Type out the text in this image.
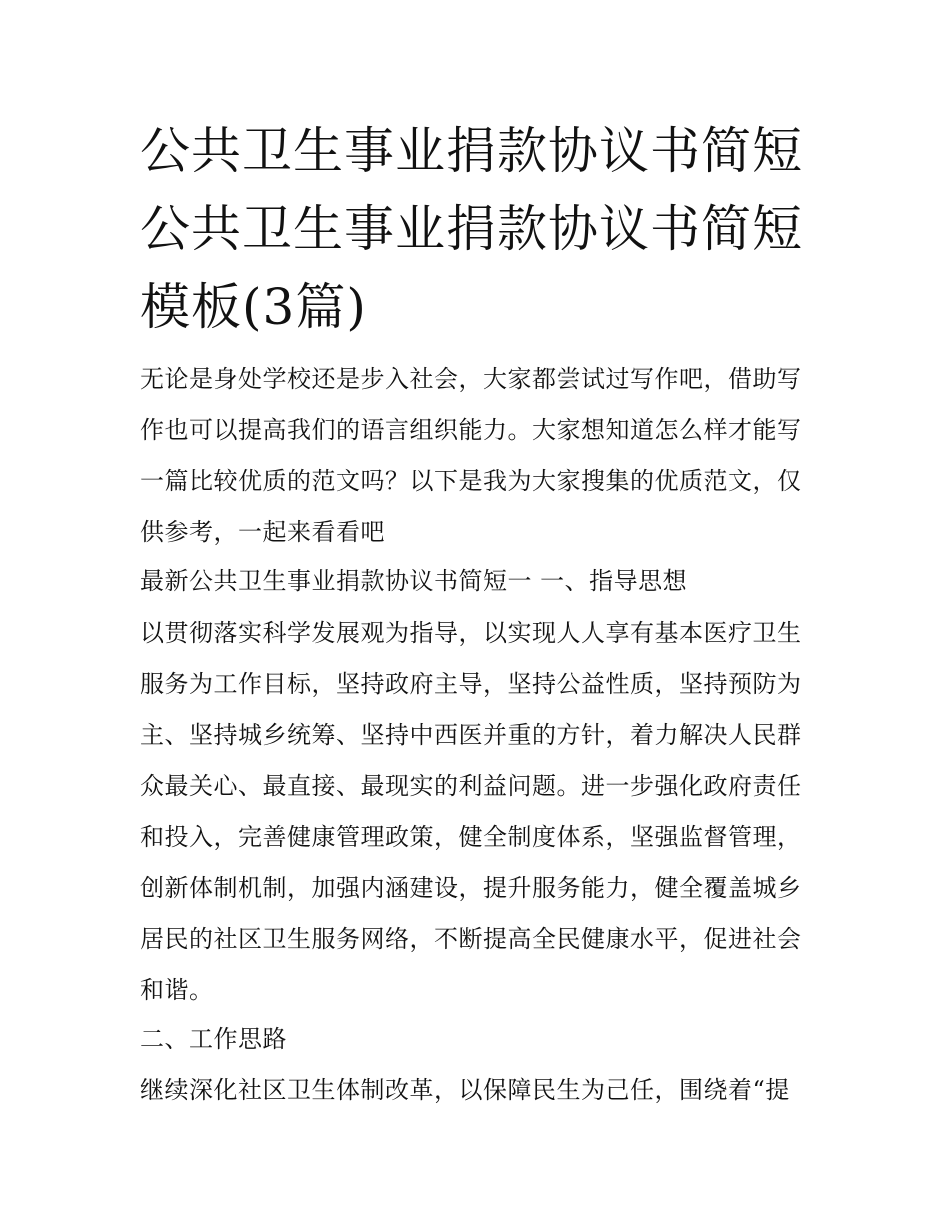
公共卫生事业捐款协议书简短 公共卫生事业捐款协议书简短模板(3篇)

无论是身处学校还是步入社会，大家都尝试过写作吧，借助写作也可以提高我们的语言组织能力。大家想知道怎么样才能写一篇比较优质的范文吗？以下是我为大家搜集的优质范文，仅供参考，一起来看看吧

最新公共卫生事业捐款协议书简短一 一、指导思想

以贯彻落实科学发展观为指导，以实现人人享有基本医疗卫生服务为工作目标，坚持政府主导，坚持公益性质，坚持预防为主、坚持城乡统筹、坚持中西医并重的方针，着力解决人民群众最关心、最直接、最现实的利益问题。进一步强化政府责任和投入，完善健康管理政策，健全制度体系，坚强监督管理，创新体制机制，加强内涵建设，提升服务能力，健全覆盖城乡居民的社区卫生服务网络，不断提高全民健康水平，促进社会和谐。

二、工作思路

继续深化社区卫生体制改革，以保障民生为己任，围绕着“提
